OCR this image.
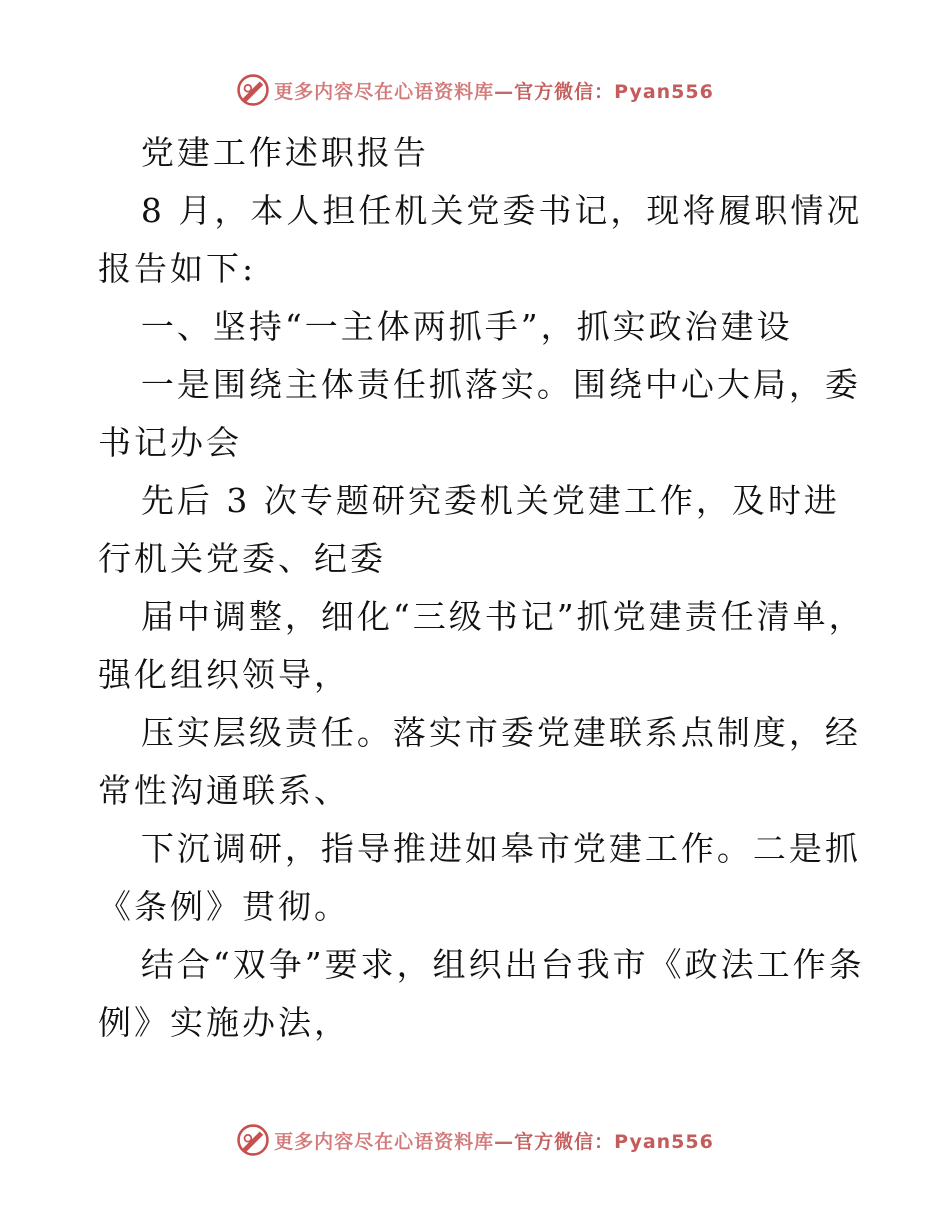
更多内容尽在心语资料库—官方微信：Pyan556

党建工作述职报告

8 月，本人担任机关党委书记，现将履职情况报告如下:

一、坚持“一主体两抓手”，抓实政治建设

一是围绕主体责任抓落实。围绕中心大局，委书记办会

先后 3 次专题研究委机关党建工作，及时进行机关党委、纪委

届中调整，细化“三级书记”抓党建责任清单，强化组织领导，

压实层级责任。落实市委党建联系点制度，经常性沟通联系、

下沉调研，指导推进如皋市党建工作。二是抓《条例》贯彻。

结合“双争”要求，组织出台我市《政法工作条例》实施办法，

更多内容尽在心语资料库—官方微信：Pyan556
